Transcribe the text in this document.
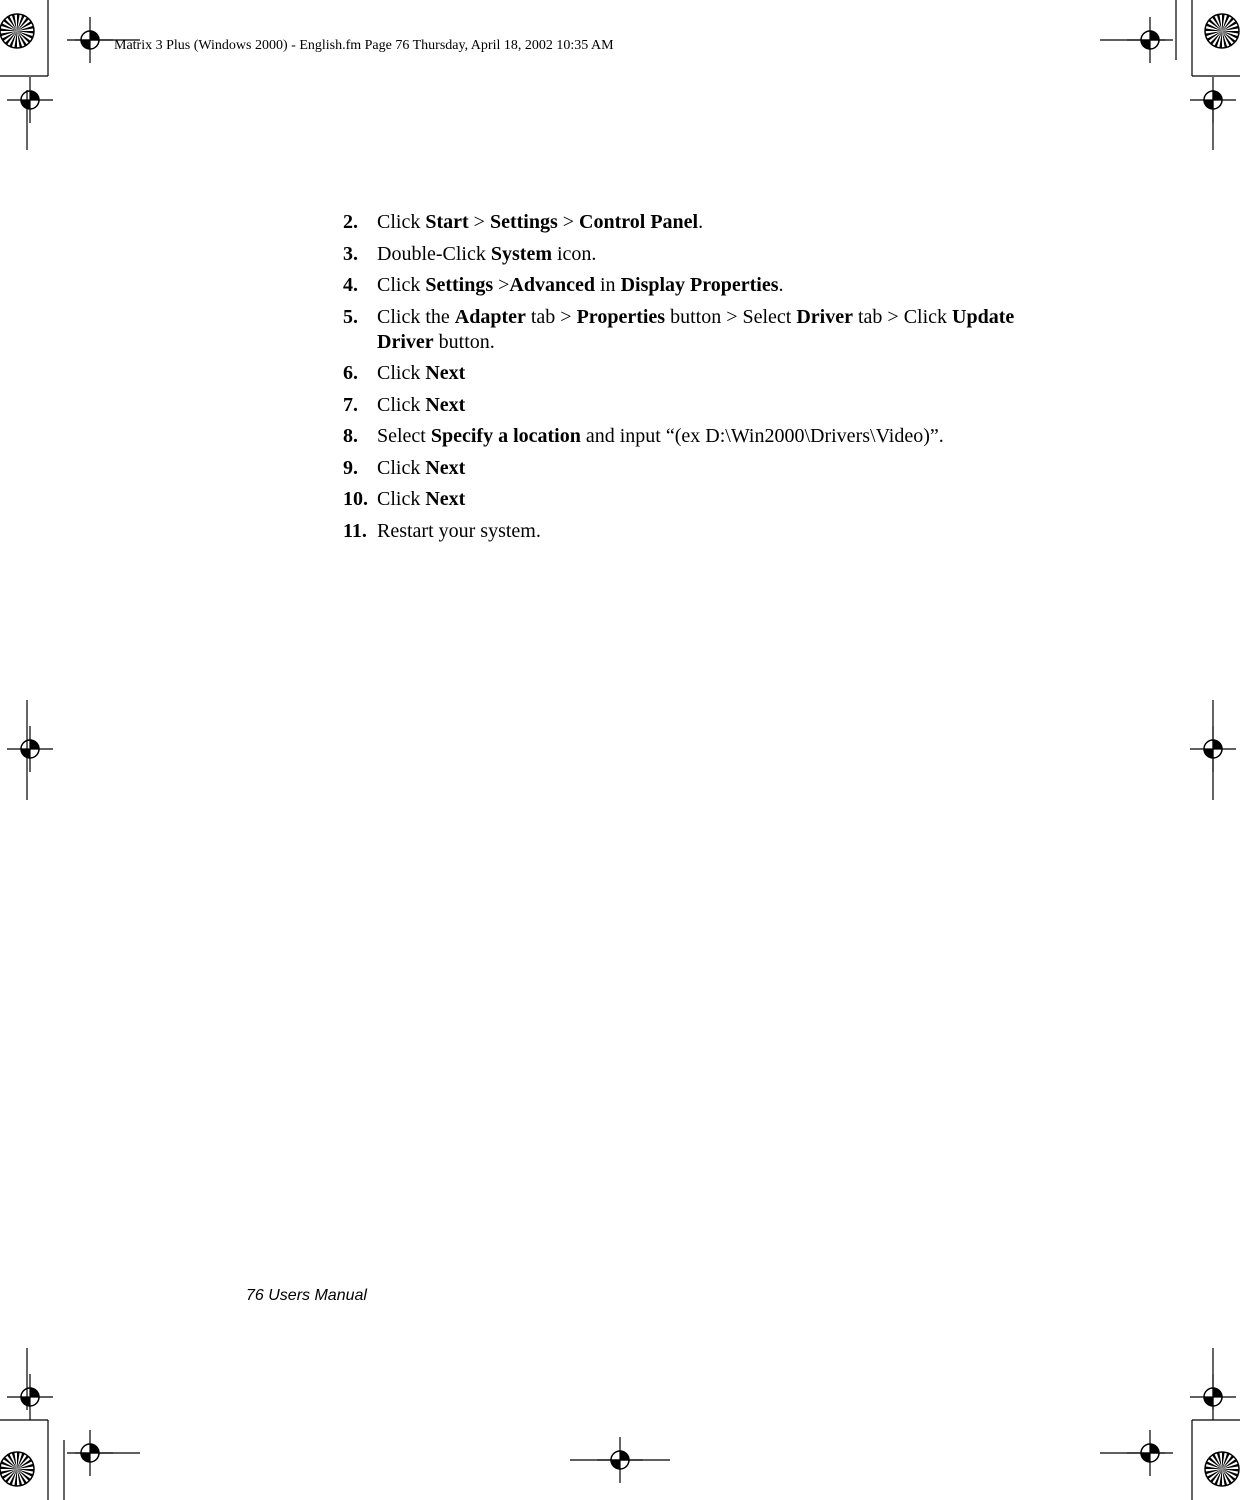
Matrix 3 Plus (Windows 2000) - English.fm Page 76 Thursday, April 18, 2002 10:35 AM
2. Click Start > Settings > Control Panel.
3. Double-Click System icon.
4. Click Settings >Advanced in Display Properties.
5. Click the Adapter tab > Properties button > Select Driver tab > Click Update Driver button.
6. Click Next
7. Click Next
8. Select Specify a location and input “(ex D:\Win2000\Drivers\Video)”.
9. Click Next
10. Click Next
11. Restart your system.
76 Users Manual
